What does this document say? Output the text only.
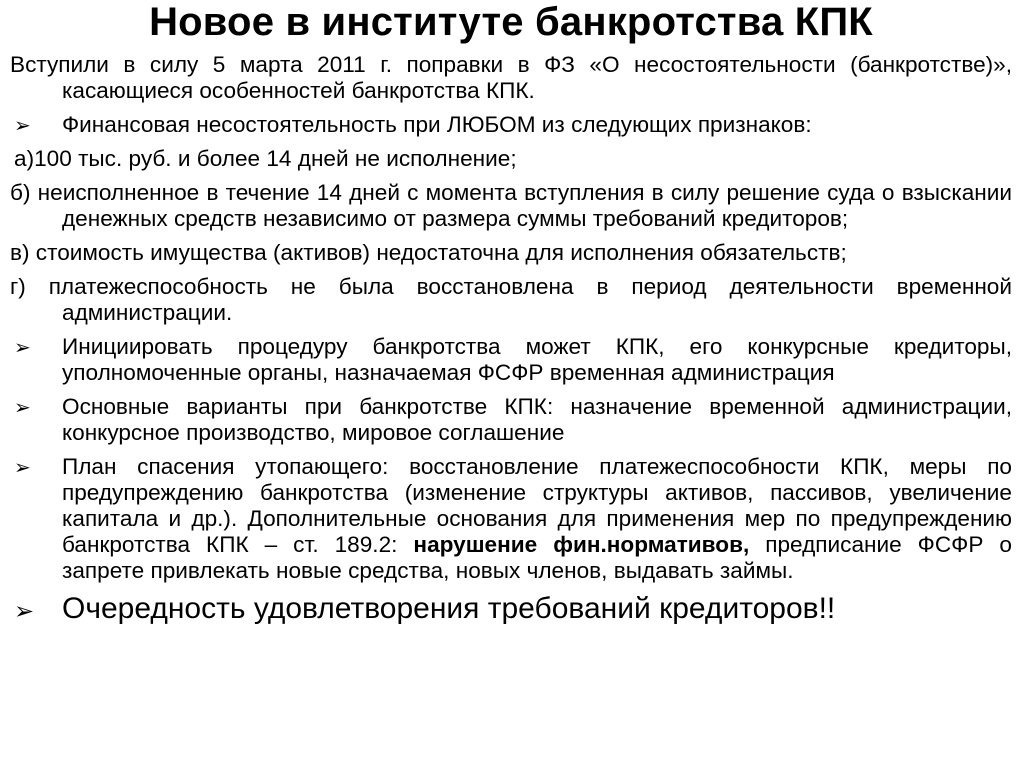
Новое в институте банкротства КПК
Вступили в силу 5 марта 2011 г. поправки в ФЗ «О несостоятельности (банкротстве)», касающиеся особенностей банкротства КПК.
➢	Финансовая несостоятельность при ЛЮБОМ из следующих признаков:
а)100 тыс. руб. и более 14 дней не исполнение;
б) неисполненное в течение 14 дней с момента вступления в силу решение суда о взыскании денежных средств независимо от размера суммы требований кредиторов;
в) стоимость имущества (активов) недостаточна для исполнения обязательств;
г) платежеспособность не была восстановлена в период деятельности временной администрации.
➢	Инициировать процедуру банкротства может КПК, его конкурсные кредиторы, уполномоченные органы, назначаемая ФСФР временная администрация
➢	Основные варианты при банкротстве КПК: назначение временной администрации, конкурсное производство, мировое соглашение
➢	План спасения утопающего: восстановление платежеспособности КПК, меры по предупреждению банкротства (изменение структуры активов, пассивов, увеличение капитала и др.). Дополнительные основания для применения мер по предупреждению банкротства КПК – ст. 189.2: нарушение фин.нормативов, предписание ФСФР о запрете привлекать новые средства, новых членов, выдавать займы.
➢ Очередность удовлетворения требований кредиторов!!
